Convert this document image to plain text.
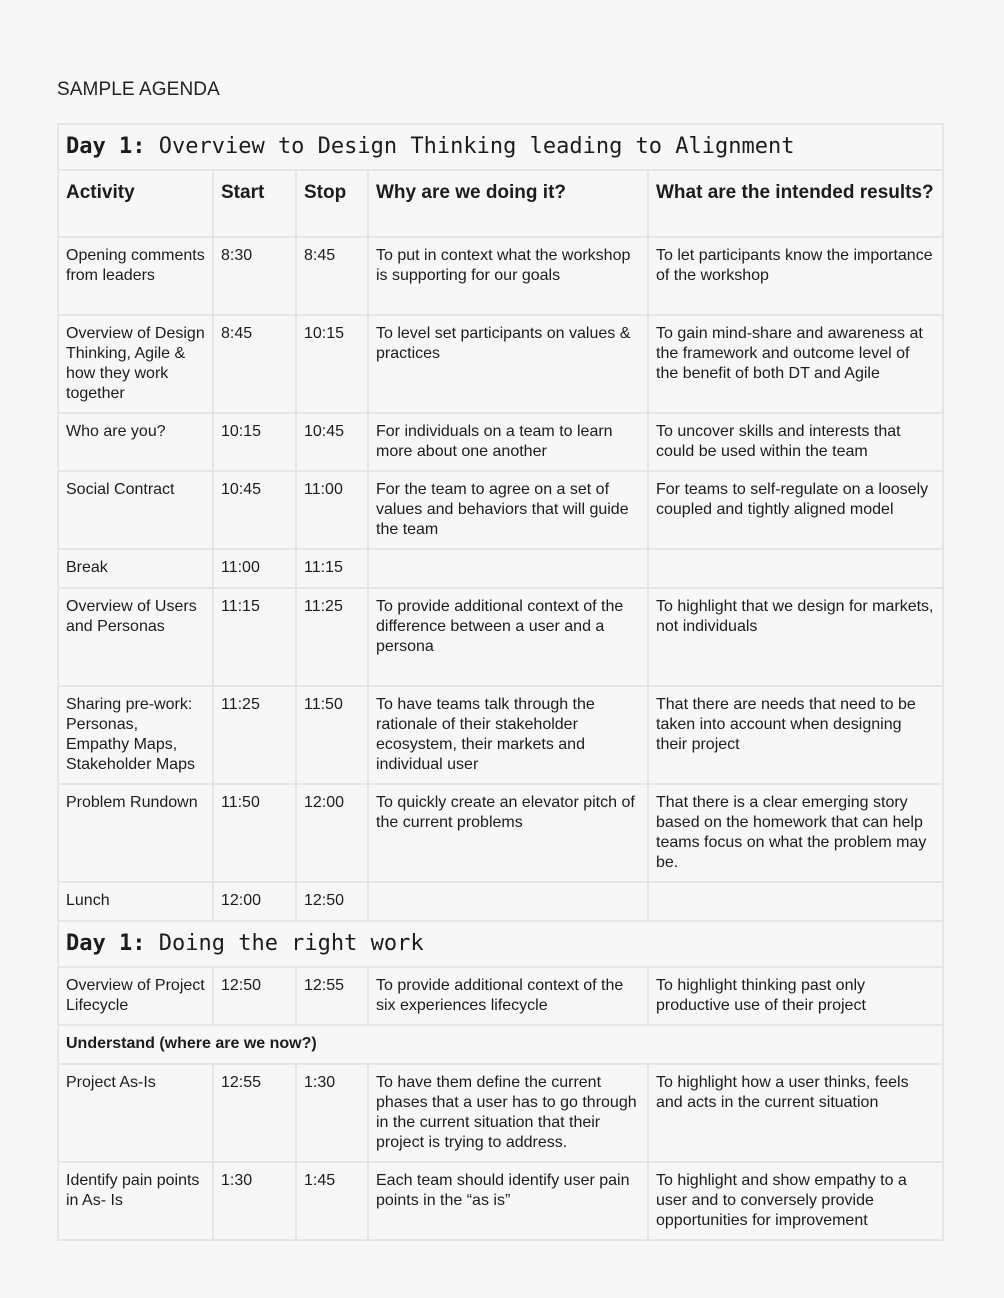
SAMPLE AGENDA
Day 1: Overview to Design Thinking leading to Alignment				
Activity	Start	Stop	Why are we doing it?	What are the intended results?
Opening comments from leaders	8:30	8:45	To put in context what the workshop is supporting for our goals	To let participants know the importance of the workshop
Overview of Design Thinking, Agile & how they work together	8:45	10:15	To level set participants on values & practices	To gain mind-share and awareness at the framework and outcome level of the benefit of both DT and Agile
Who are you?	10:15	10:45	For individuals on a team to learn more about one another	To uncover skills and interests that could be used within the team
Social Contract	10:45	11:00	For the team to agree on a set of values and behaviors that will guide the team	For teams to self-regulate on a loosely coupled and tightly aligned model
Break	11:00	11:15		
Overview of Users and Personas	11:15	11:25	To provide additional context of the difference between a user and a persona	To highlight that we design for markets, not individuals
Sharing pre-work: Personas, Empathy Maps, Stakeholder Maps	11:25	11:50	To have teams talk through the rationale of their stakeholder ecosystem, their markets and individual user	That there are needs that need to be taken into account when designing their project
Problem Rundown	11:50	12:00	To quickly create an elevator pitch of the current problems	That there is a clear emerging story based on the homework that can help teams focus on what the problem may be.
Lunch	12:00	12:50		
Day 1: Doing the right work				
Overview of Project Lifecycle	12:50	12:55	To provide additional context of the six experiences lifecycle	To highlight thinking past only productive use of their project
Understand (where are we now?)				
Project As-Is	12:55	1:30	To have them define the current phases that a user has to go through in the current situation that their project is trying to address.	To highlight how a user thinks, feels and acts in the current situation
Identify pain points in As- Is	1:30	1:45	Each team should identify user pain points in the “as is”	To highlight and show empathy to a user and to conversely provide opportunities for improvement
